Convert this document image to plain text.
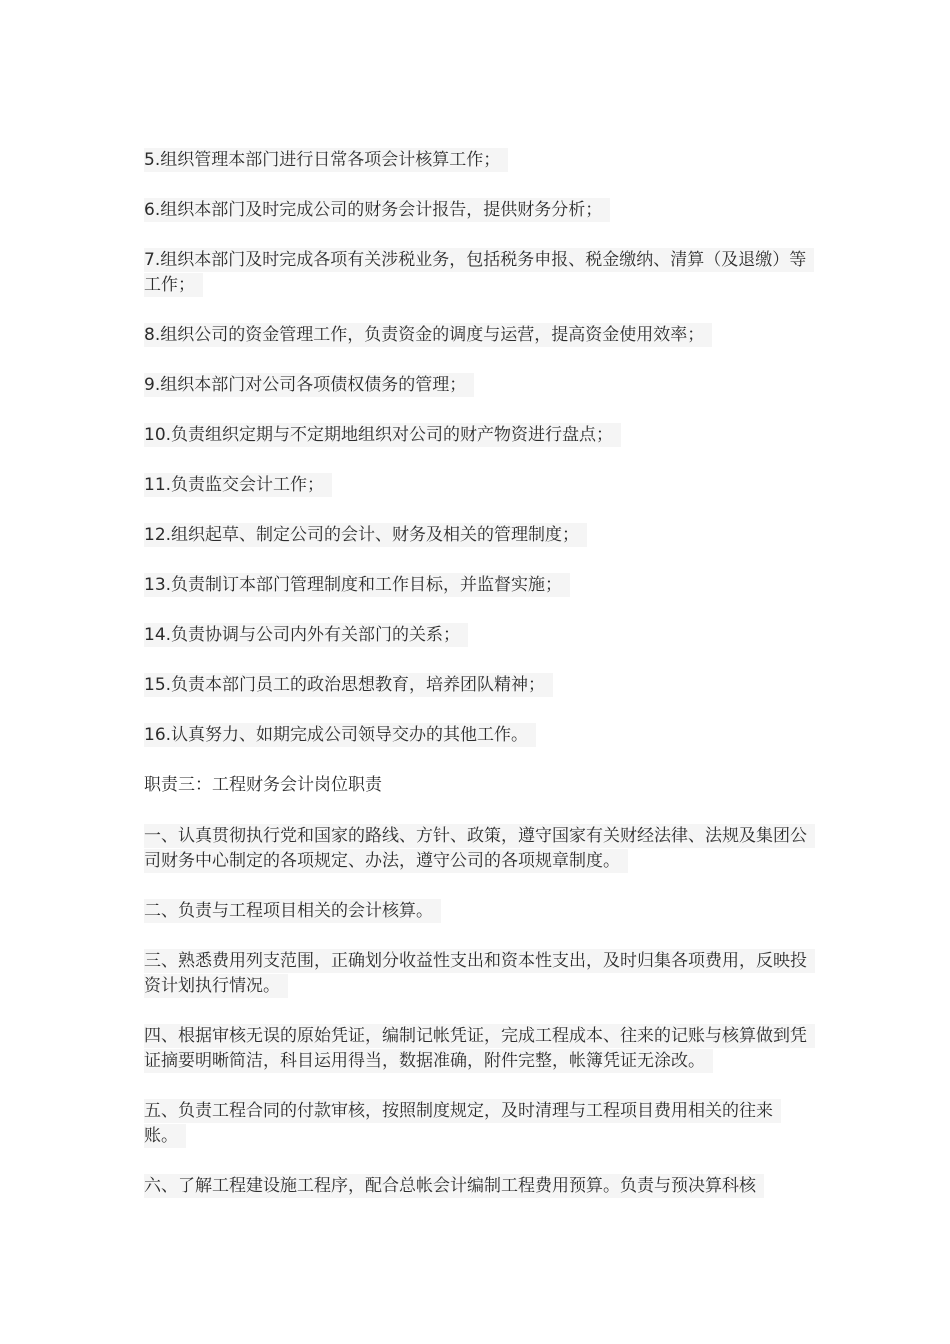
5.组织管理本部门进行日常各项会计核算工作；

6.组织本部门及时完成公司的财务会计报告，提供财务分析；

7.组织本部门及时完成各项有关涉税业务，包括税务申报、税金缴纳、清算（及退缴）等工作；

8.组织公司的资金管理工作，负责资金的调度与运营，提高资金使用效率；

9.组织本部门对公司各项债权债务的管理；

10.负责组织定期与不定期地组织对公司的财产物资进行盘点；

11.负责监交会计工作；

12.组织起草、制定公司的会计、财务及相关的管理制度；

13.负责制订本部门管理制度和工作目标，并监督实施；

14.负责协调与公司内外有关部门的关系；

15.负责本部门员工的政治思想教育，培养团队精神；

16.认真努力、如期完成公司领导交办的其他工作。

职责三：工程财务会计岗位职责

一、认真贯彻执行党和国家的路线、方针、政策，遵守国家有关财经法律、法规及集团公司财务中心制定的各项规定、办法，遵守公司的各项规章制度。

二、负责与工程项目相关的会计核算。

三、熟悉费用列支范围，正确划分收益性支出和资本性支出，及时归集各项费用，反映投资计划执行情况。

四、根据审核无误的原始凭证，编制记帐凭证，完成工程成本、往来的记账与核算做到凭证摘要明晰简洁，科目运用得当，数据准确，附件完整，帐簿凭证无涂改。

五、负责工程合同的付款审核，按照制度规定，及时清理与工程项目费用相关的往来账。

六、了解工程建设施工程序，配合总帐会计编制工程费用预算。负责与预决算科核
